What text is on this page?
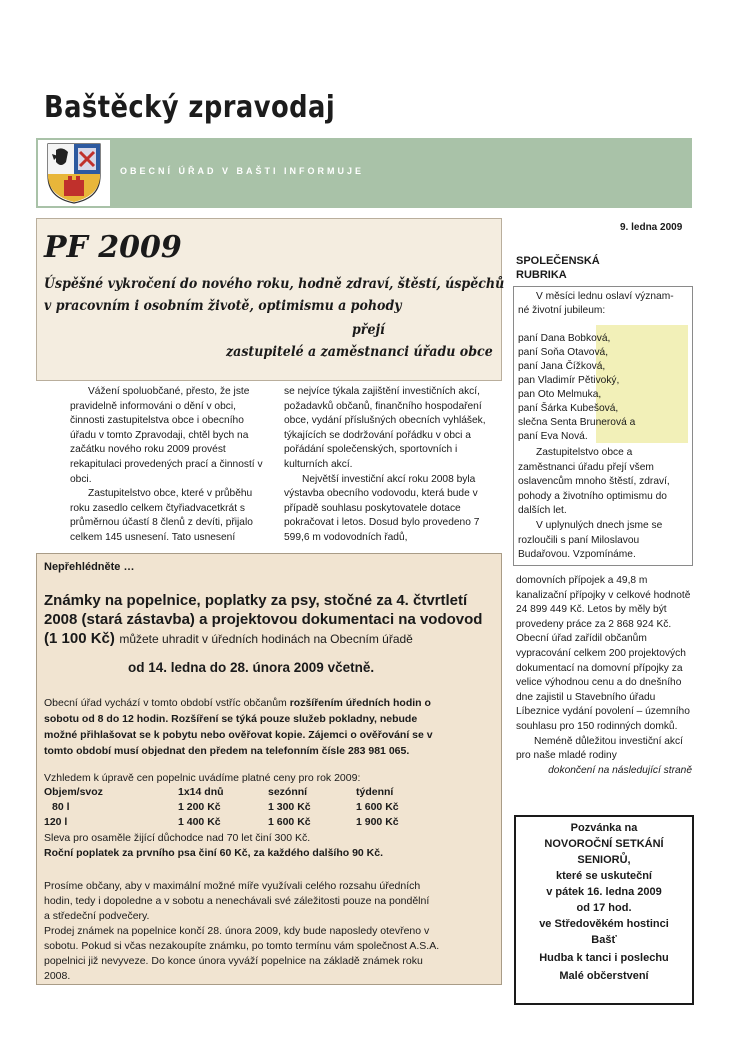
Baštěcký zpravodaj
OBECNÍ ÚŘAD V BAŠTI INFORMUJE
9. ledna 2009
PF 2009
Úspěšné vykročení do nového roku, hodně zdraví, štěstí, úspěchů
v pracovním i osobním životě, optimismu a pohody
přejí
zastupitelé a zaměstnanci úřadu obce

Vážení spoluobčané, přesto, že jste pravidelně informováni o dění v obci, činnosti zastupitelstva obce i obecního úřadu v tomto Zpravodaji, chtěl bych na začátku nového roku 2009 provést rekapitulaci provedených prací a činností v obci.

Zastupitelstvo obce, které v průběhu roku zasedlo celkem čtyřiadvacetkrát s průměrnou účastí 8 členů z devíti, přijalo celkem 145 usnesení. Tato usnesení

se nejvíce týkala zajištění investičních akcí, požadavků občanů, finančního hospodaření obce, vydání příslušných obecních vyhlášek, týkajících se dodržování pořádku v obci a pořádání společenských, sportovních i kulturních akcí.

Největší investiční akcí roku 2008 byla výstavba obecního vodovodu, která bude v případě souhlasu poskytovatele dotace pokračovat i letos. Dosud bylo provedeno 7 599,6 m vodovodních řadů,

Nepřehlédněte …
Známky na popelnice, poplatky za psy, stočné za 4. čtvrtletí
2008 (stará zástavba) a projektovou dokumentaci na vodovod
(1 100 Kč) můžete uhradit v úředních hodinách na Obecním úřadě
od 14. ledna do 28. února 2009 včetně.
Obecní úřad vychází v tomto období vstříc občanům rozšířením úředních hodin o
sobotu od 8 do 12 hodin. Rozšíření se týká pouze služeb pokladny, nebude
možné přihlašovat se k pobytu nebo ověřovat kopie. Zájemci o ověřování se v
tomto období musí objednat den předem na telefonním čísle 283 981 065.
Vzhledem k úpravě cen popelnic uvádíme platné ceny pro rok 2009:
Objem/svoz	1x14 dnů	sezónní	týdenní
80 l	1 200 Kč	1 300 Kč	1 600 Kč
120 l	1 400 Kč	1 600 Kč	1 900 Kč
Sleva pro osaměle žijící důchodce nad 70 let činí 300 Kč.
Roční poplatek za prvního psa činí 60 Kč, za každého dalšího 90 Kč.
Prosíme občany, aby v maximální možné míře využívali celého rozsahu úředních
hodin, tedy i dopoledne a v sobotu a nenechávali své záležitosti pouze na pondělní
a středeční podvečery.
Prodej známek na popelnice končí 28. února 2009, kdy bude naposledy otevřeno v
sobotu. Pokud si včas nezakoupíte známku, po tomto termínu vám společnost A.S.A.
popelnici již nevyveze. Do konce února vyváží popelnice na základě známek roku
2008.
SPOLEČENSKÁ
RUBRIKA
V měsíci lednu oslaví význam-
né životní jubileum:
paní Dana Bobková,
paní Soňa Otavová,
paní Jana Čížková,
pan Vladimír Pětivoký,
pan Oto Melmuka,
paní Šárka Kubešová,
slečna Senta Brunerová a
paní Eva Nová.

Zastupitelstvo obce a zaměstnanci úřadu přejí všem oslavencům mnoho štěstí, zdraví, pohody a životního optimismu do dalších let.

V uplynulých dnech jsme se rozloučili s paní Miloslavou Budařovou. Vzpomínáme.

domovních přípojek a 49,8 m kanalizační přípojky v celkové hodnotě 24 899 449 Kč. Letos by měly být provedeny práce za 2 868 924 Kč. Obecní úřad zařídil občanům vypracování celkem 200 projektových dokumentací na domovní přípojky za velice výhodnou cenu a do dnešního dne zajistil u Stavebního úřadu Líbeznice vydání povolení – územního souhlasu pro 150 rodinných domků.

Neméně důležitou investiční akcí pro naše mladé rodiny

dokončení na následující straně

Pozvánka na
NOVOROČNÍ SETKÁNÍ
SENIORŮ,
které se uskuteční
v pátek 16. ledna 2009
od 17 hod.
ve Středověkém hostinci
Bašť
Hudba k tanci i poslechu
Malé občerstvení
